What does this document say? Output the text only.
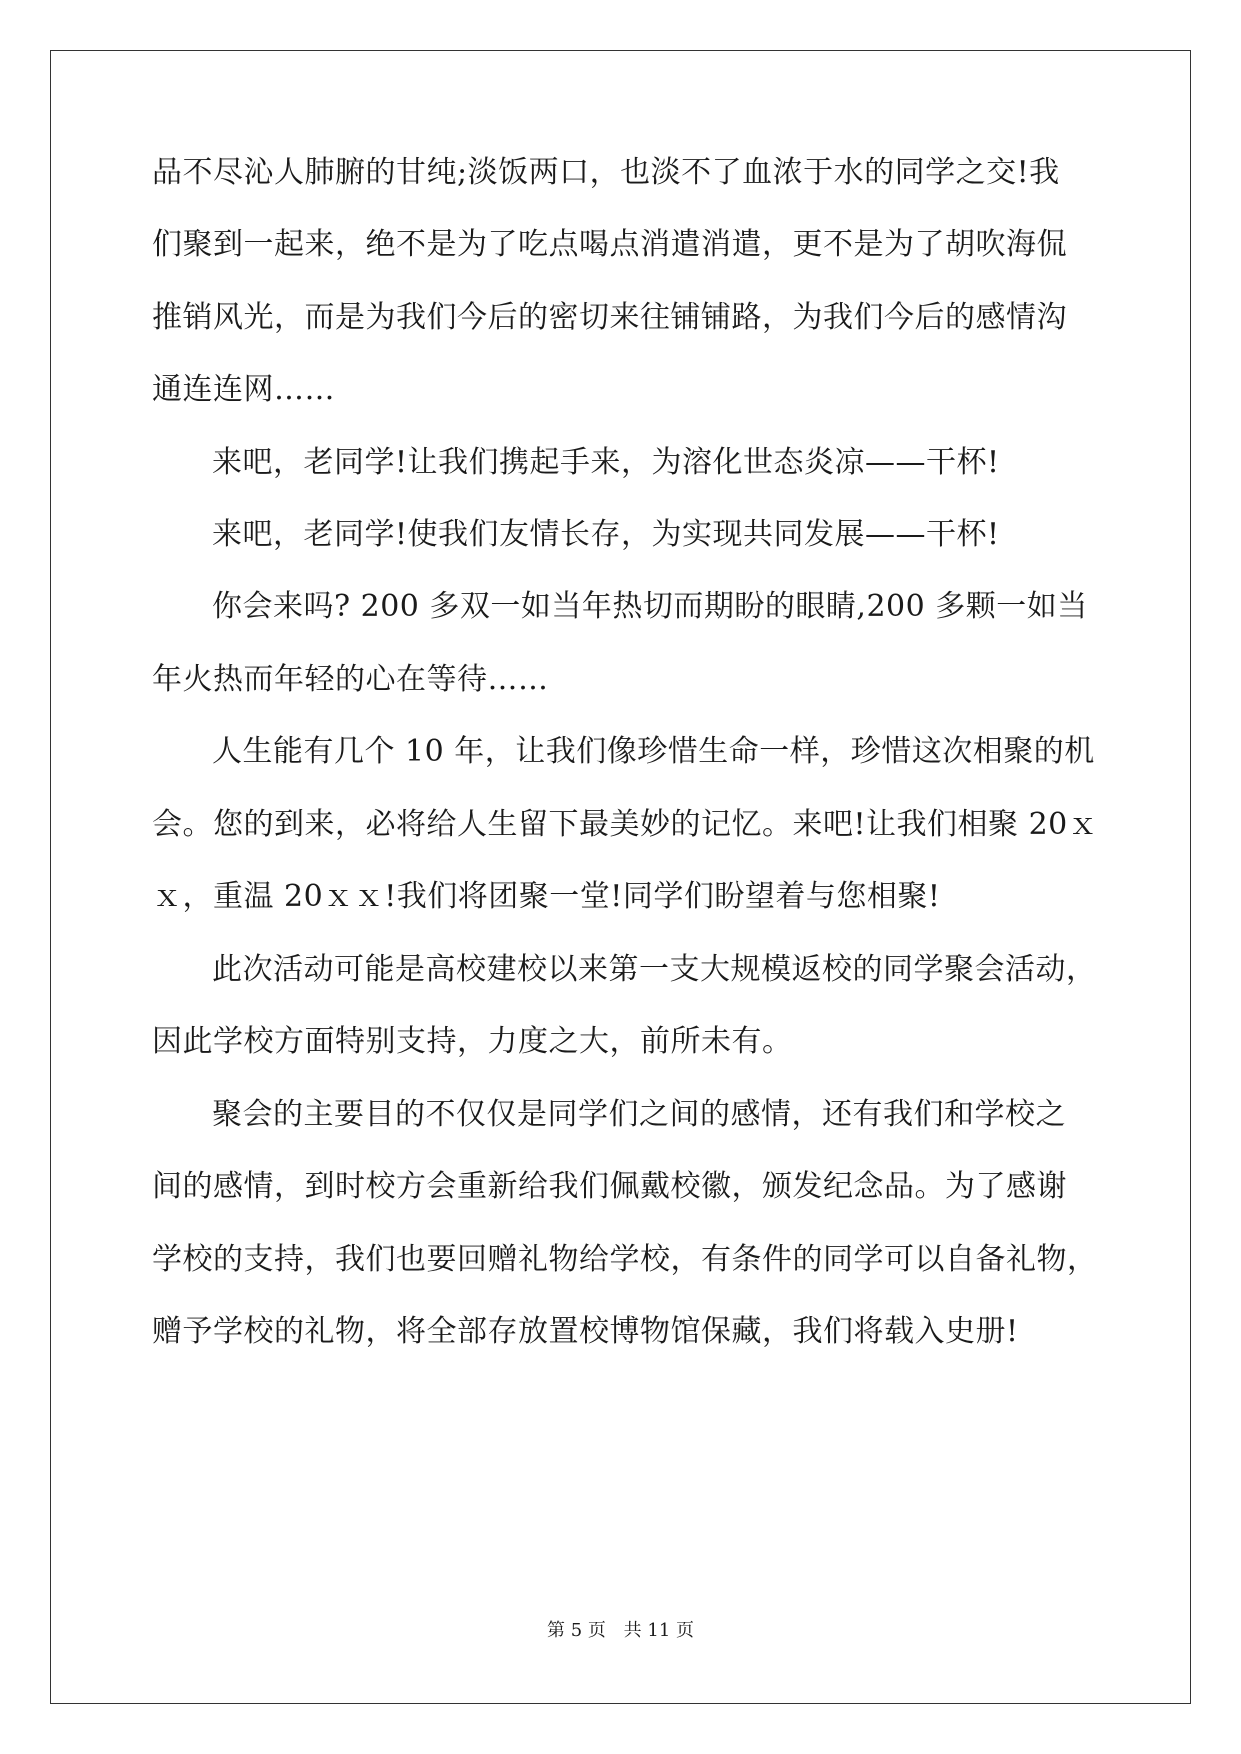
品不尽沁人肺腑的甘纯;淡饭两口，也淡不了血浓于水的同学之交!我
们聚到一起来，绝不是为了吃点喝点消遣消遣，更不是为了胡吹海侃
推销风光，而是为我们今后的密切来往铺铺路，为我们今后的感情沟
通连连网……
来吧，老同学!让我们携起手来，为溶化世态炎凉——干杯!
来吧，老同学!使我们友情长存，为实现共同发展——干杯!
你会来吗? 200 多双一如当年热切而期盼的眼睛,200 多颗一如当
年火热而年轻的心在等待……
人生能有几个 10 年，让我们像珍惜生命一样，珍惜这次相聚的机
会。您的到来，必将给人生留下最美妙的记忆。来吧!让我们相聚 20ｘ
ｘ，重温 20ｘｘ!我们将团聚一堂!同学们盼望着与您相聚!
此次活动可能是高校建校以来第一支大规模返校的同学聚会活动，
因此学校方面特别支持，力度之大，前所未有。
聚会的主要目的不仅仅是同学们之间的感情，还有我们和学校之
间的感情，到时校方会重新给我们佩戴校徽，颁发纪念品。为了感谢
学校的支持，我们也要回赠礼物给学校，有条件的同学可以自备礼物，
赠予学校的礼物，将全部存放置校博物馆保藏，我们将载入史册!
第 5 页 共 11 页
